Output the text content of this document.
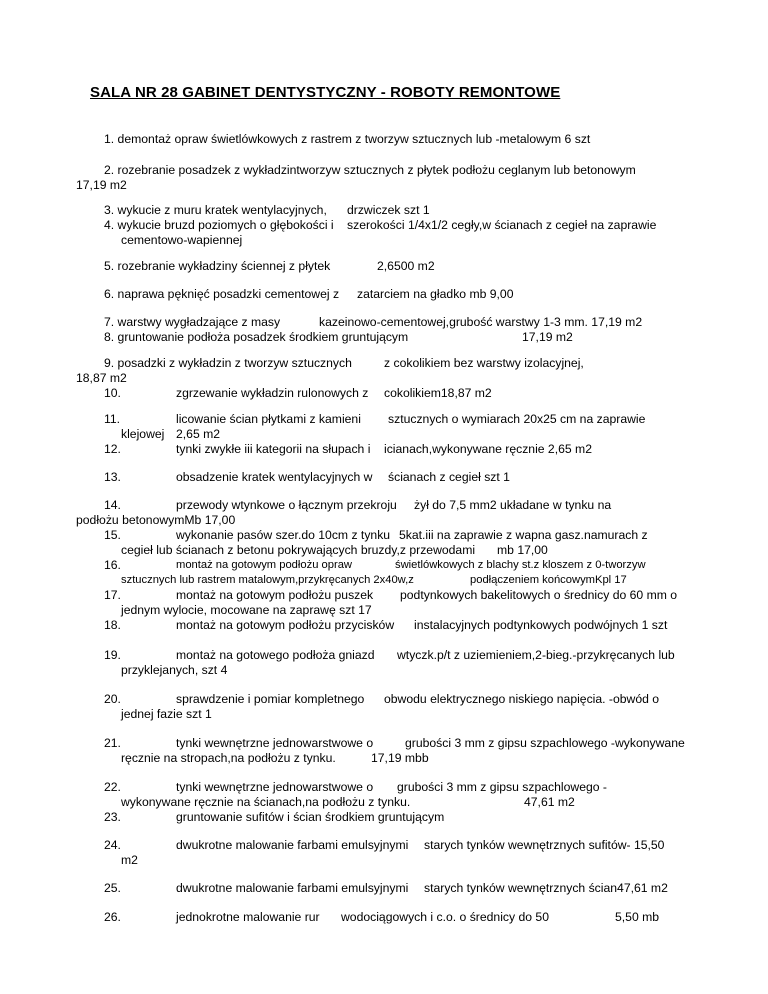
SALA NR 28 GABINET DENTYSTYCZNY - ROBOTY REMONTOWE
1. demontaż opraw świetlówkowych z rastrem z tworzyw sztucznych lub -metalowym 6 szt
2. rozebranie posadzek z wykładzintworzyw sztucznych z płytek podłożu ceglanym lub betonowym
17,19 m2
3. wykucie z muru kratek wentylacyjnych, drzwiczek szt 1
4. wykucie bruzd poziomych o głębokości i szerokości 1/4x1/2 cegły,w ścianach z cegieł na zaprawie
cementowo-wapiennej
5. rozebranie wykładziny ściennej z płytek	2,6500 m2
6. naprawa pęknięć posadzki cementowej z zatarciem na gładko mb 9,00
7. warstwy wygładzające z masy	kazeinowo-cementowej,grubość warstwy 1-3 mm. 17,19 m2
8. gruntowanie podłoża posadzek środkiem gruntującym	17,19 m2
9. posadzki z wykładzin z tworzyw sztucznych	z cokolikiem bez warstwy izolacyjnej,
18,87 m2
10.	zgrzewanie wykładzin rulonowych z cokolikiem18,87 m2
11.	licowanie ścian płytkami z kamieni sztucznych o wymiarach 20x25 cm na zaprawie
klejowej 2,65 m2
12.	tynki zwykłe iii kategorii na słupach i icianach,wykonywane ręcznie 2,65 m2
13.	obsadzenie kratek wentylacyjnych w ścianach z cegieł szt 1
14.	przewody wtynkowe o łącznym przekroju żył do 7,5 mm2 układane w tynku na
podłożu betonowymMb 17,00
15.	wykonanie pasów szer.do 10cm z tynku 5kat.iii na zaprawie z wapna gasz.namurach z
cegieł lub ścianach z betonu pokrywających bruzdy,z przewodami mb 17,00
16.	montaż na gotowym podłożu opraw	świetlówkowych z blachy st.z kloszem z 0-tworzyw
sztucznych lub rastrem matalowym,przykręcanych 2x40w,z	podłączeniem końcowymKpl 17
17.	montaż na gotowym podłożu puszek podtynkowych bakelitowych o średnicy do 60 mm o
jednym wylocie, mocowane na zaprawę szt 17
18.	montaż na gotowym podłożu przycisków instalacyjnych podtynkowych podwójnych 1 szt
19.	montaż na gotowego podłoża gniazd wtyczk.p/t z uziemieniem,2-bieg.-przykręcanych lub
przyklejanych, szt 4
20.	sprawdzenie i pomiar kompletnego obwodu elektrycznego niskiego napięcia. -obwód o
jednej fazie szt 1
21.	tynki wewnętrzne jednowarstwowe o	grubości 3 mm z gipsu szpachlowego -wykonywane
ręcznie na stropach,na podłożu z tynku.	17,19 mbb
22.	tynki wewnętrzne jednowarstwowe o grubości 3 mm z gipsu szpachlowego -
wykonywane ręcznie na ścianach,na podłożu z tynku.	47,61 m2
23.	gruntowanie sufitów i ścian środkiem gruntującym
24.	dwukrotne malowanie farbami emulsyjnymi starych tynków wewnętrznych sufitów- 15,50
m2
25.	dwukrotne malowanie farbami emulsyjnymi starych tynków wewnętrznych ścian47,61 m2
26.	jednokrotne malowanie rur wodociągowych i c.o. o średnicy do 50	5,50 mb
